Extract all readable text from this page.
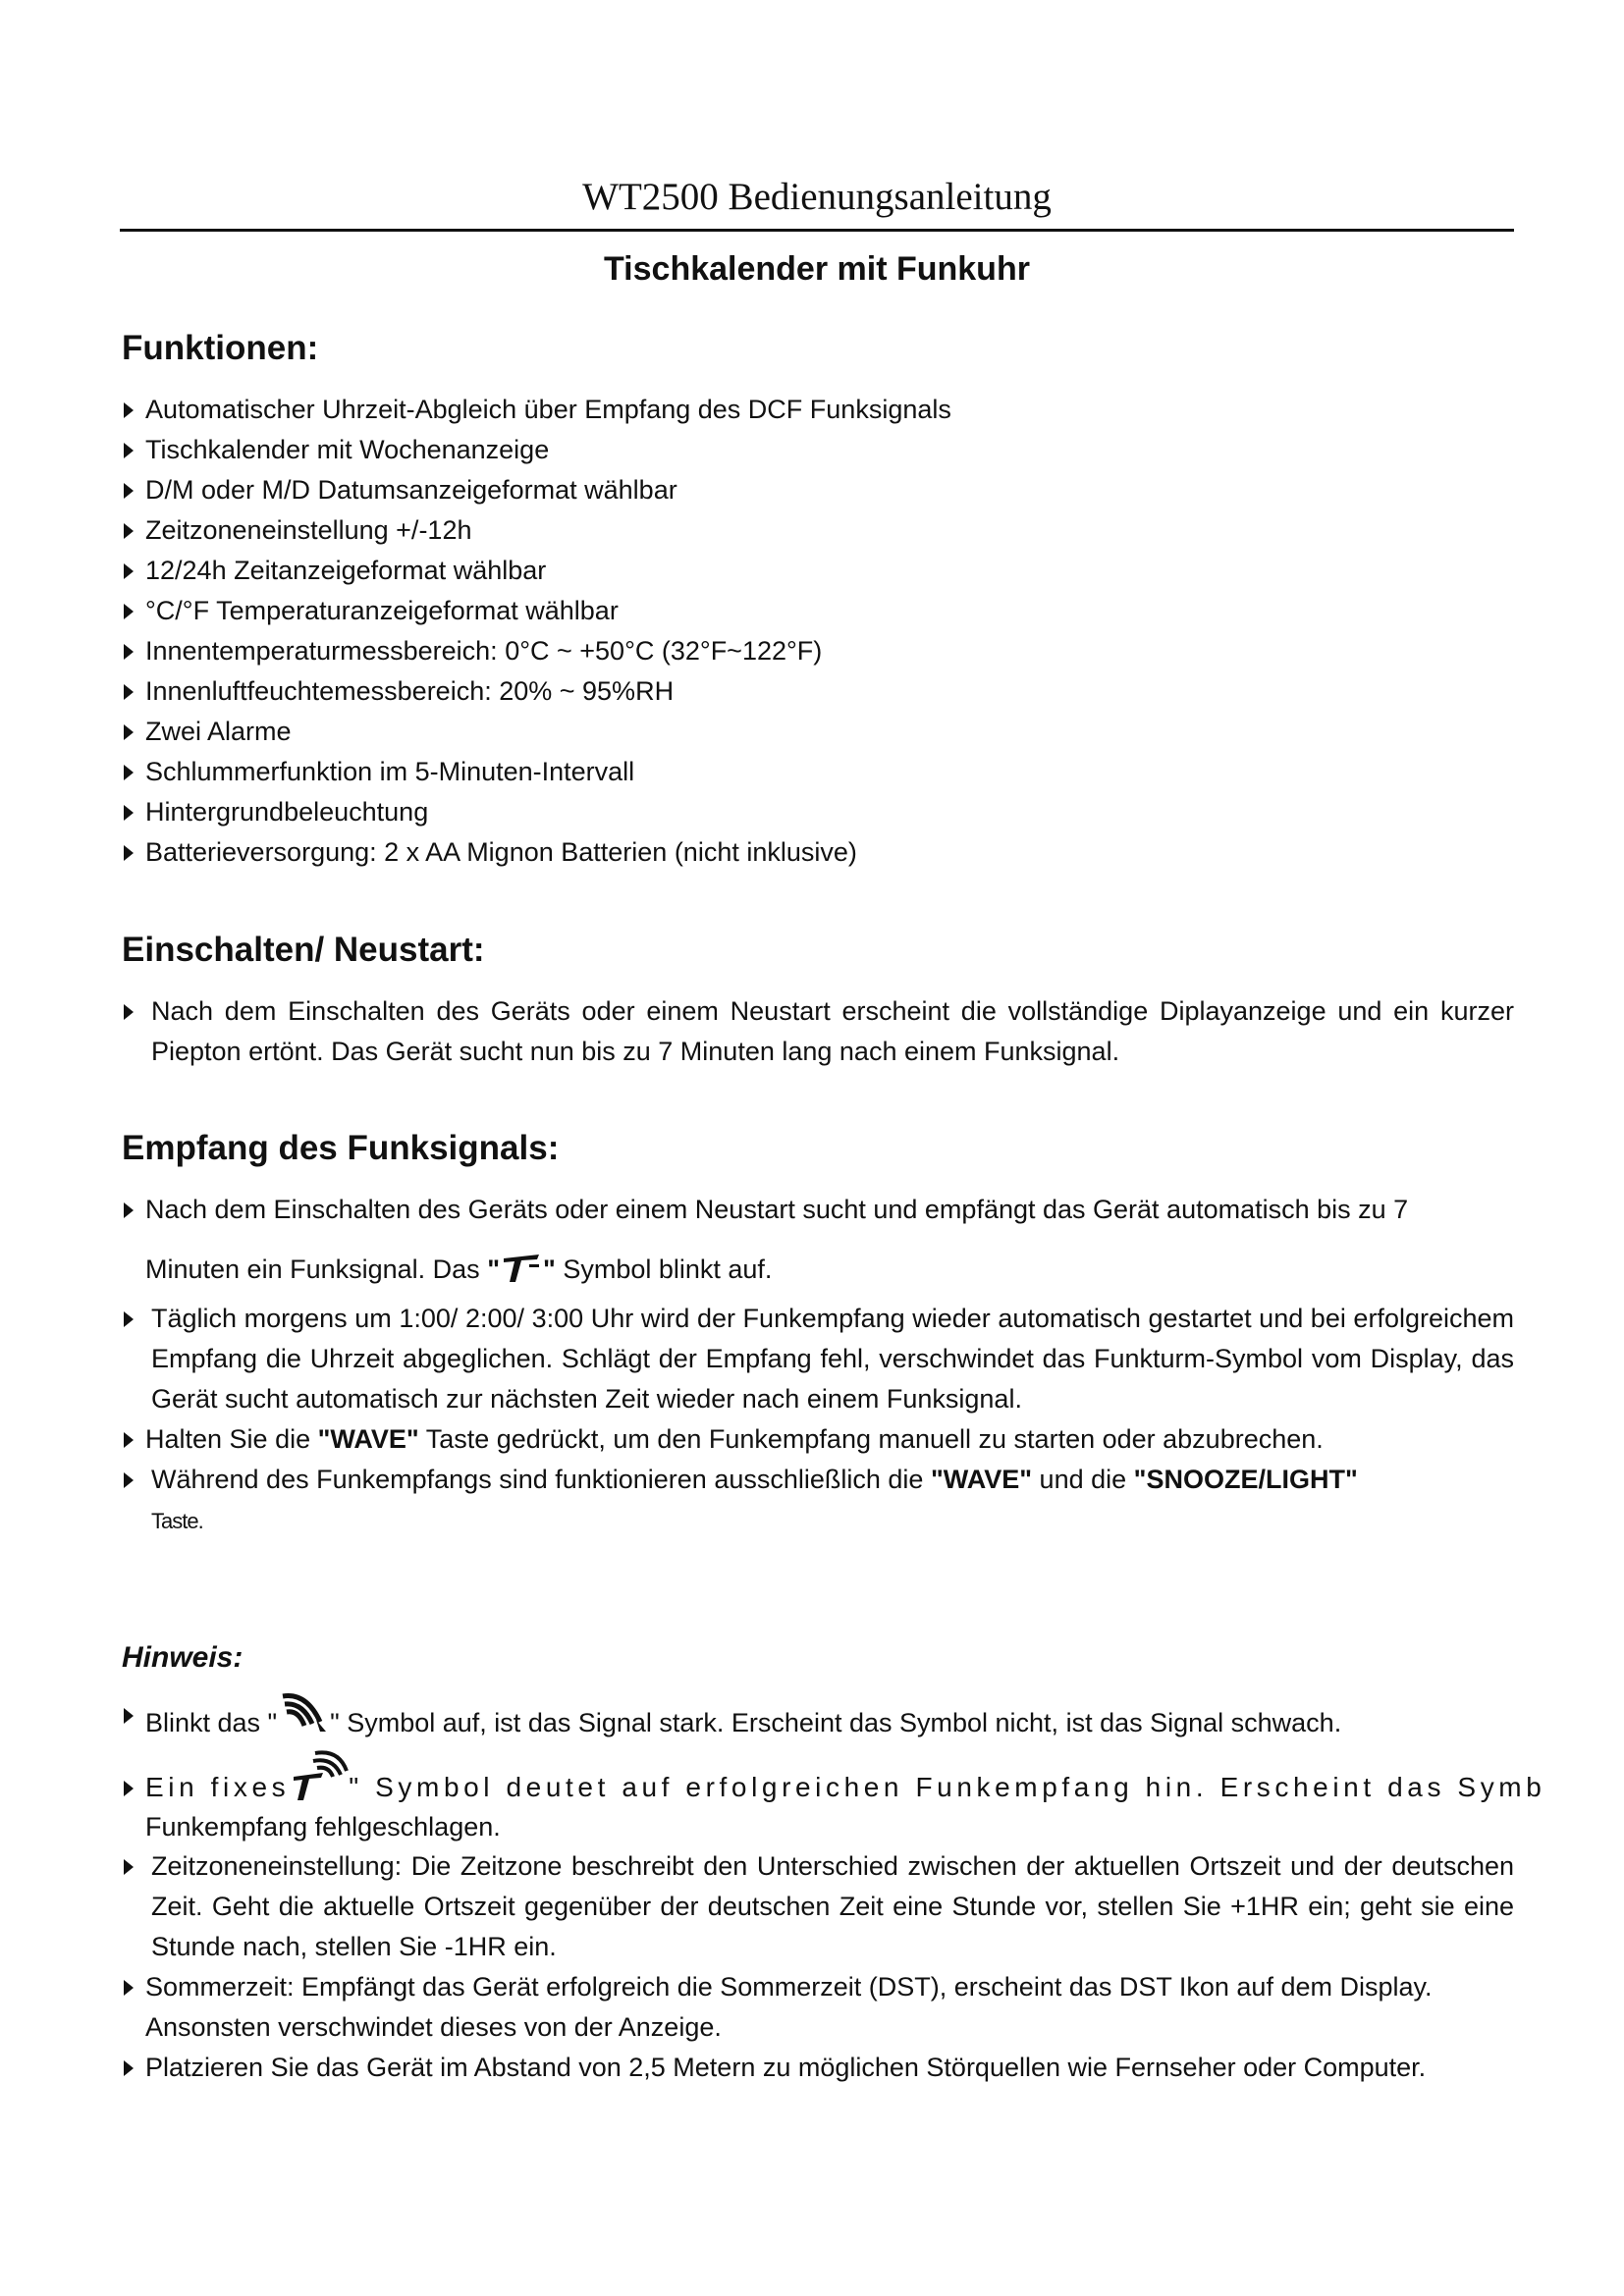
WT2500 Bedienungsanleitung
Tischkalender mit Funkuhr
Funktionen:
Automatischer Uhrzeit-Abgleich über Empfang des DCF Funksignals
Tischkalender mit Wochenanzeige
D/M oder M/D Datumsanzeigeformat wählbar
Zeitzoneneinstellung +/-12h
12/24h Zeitanzeigeformat wählbar
°C/°F Temperaturanzeigeformat wählbar
Innentemperaturmessbereich: 0°C ~ +50°C (32°F~122°F)
Innenluftfeuchtemessbereich: 20% ~ 95%RH
Zwei Alarme
Schlummerfunktion im 5-Minuten-Intervall
Hintergrundbeleuchtung
Batterieversorgung: 2 x AA Mignon Batterien (nicht inklusive)
Einschalten/ Neustart:
Nach dem Einschalten des Geräts oder einem Neustart erscheint die vollständige Diplayanzeige und ein kurzer Piepton ertönt. Das Gerät sucht nun bis zu 7 Minuten lang nach einem Funksignal.
Empfang des Funksignals:
Nach dem Einschalten des Geräts oder einem Neustart sucht und empfängt das Gerät automatisch bis zu 7
Minuten ein Funksignal. Das " " Symbol blinkt auf.
Täglich morgens um 1:00/ 2:00/ 3:00 Uhr wird der Funkempfang wieder automatisch gestartet und bei erfolgreichem Empfang die Uhrzeit abgeglichen. Schlägt der Empfang fehl, verschwindet das Funkturm-Symbol vom Display, das Gerät sucht automatisch zur nächsten Zeit wieder nach einem Funksignal.
Halten Sie die "WAVE" Taste gedrückt, um den Funkempfang manuell zu starten oder abzubrechen.
Während des Funkempfangs sind funktionieren ausschließlich die "WAVE" und die "SNOOZE/LIGHT"
Taste.
Hinweis:
Blinkt das " " Symbol auf, ist das Signal stark. Erscheint das Symbol nicht, ist das Signal schwach.
Ein fixes " Symbol deutet auf erfolgreichen Funkempfang hin. Erscheint das Symb
Funkempfang fehlgeschlagen.
Zeitzoneneinstellung: Die Zeitzone beschreibt den Unterschied zwischen der aktuellen Ortszeit und der deutschen Zeit. Geht die aktuelle Ortszeit gegenüber der deutschen Zeit eine Stunde vor, stellen Sie +1HR ein; geht sie eine Stunde nach, stellen Sie -1HR ein.
Sommerzeit: Empfängt das Gerät erfolgreich die Sommerzeit (DST), erscheint das DST Ikon auf dem Display. Ansonsten verschwindet dieses von der Anzeige.
Platzieren Sie das Gerät im Abstand von 2,5 Metern zu möglichen Störquellen wie Fernseher oder Computer.
